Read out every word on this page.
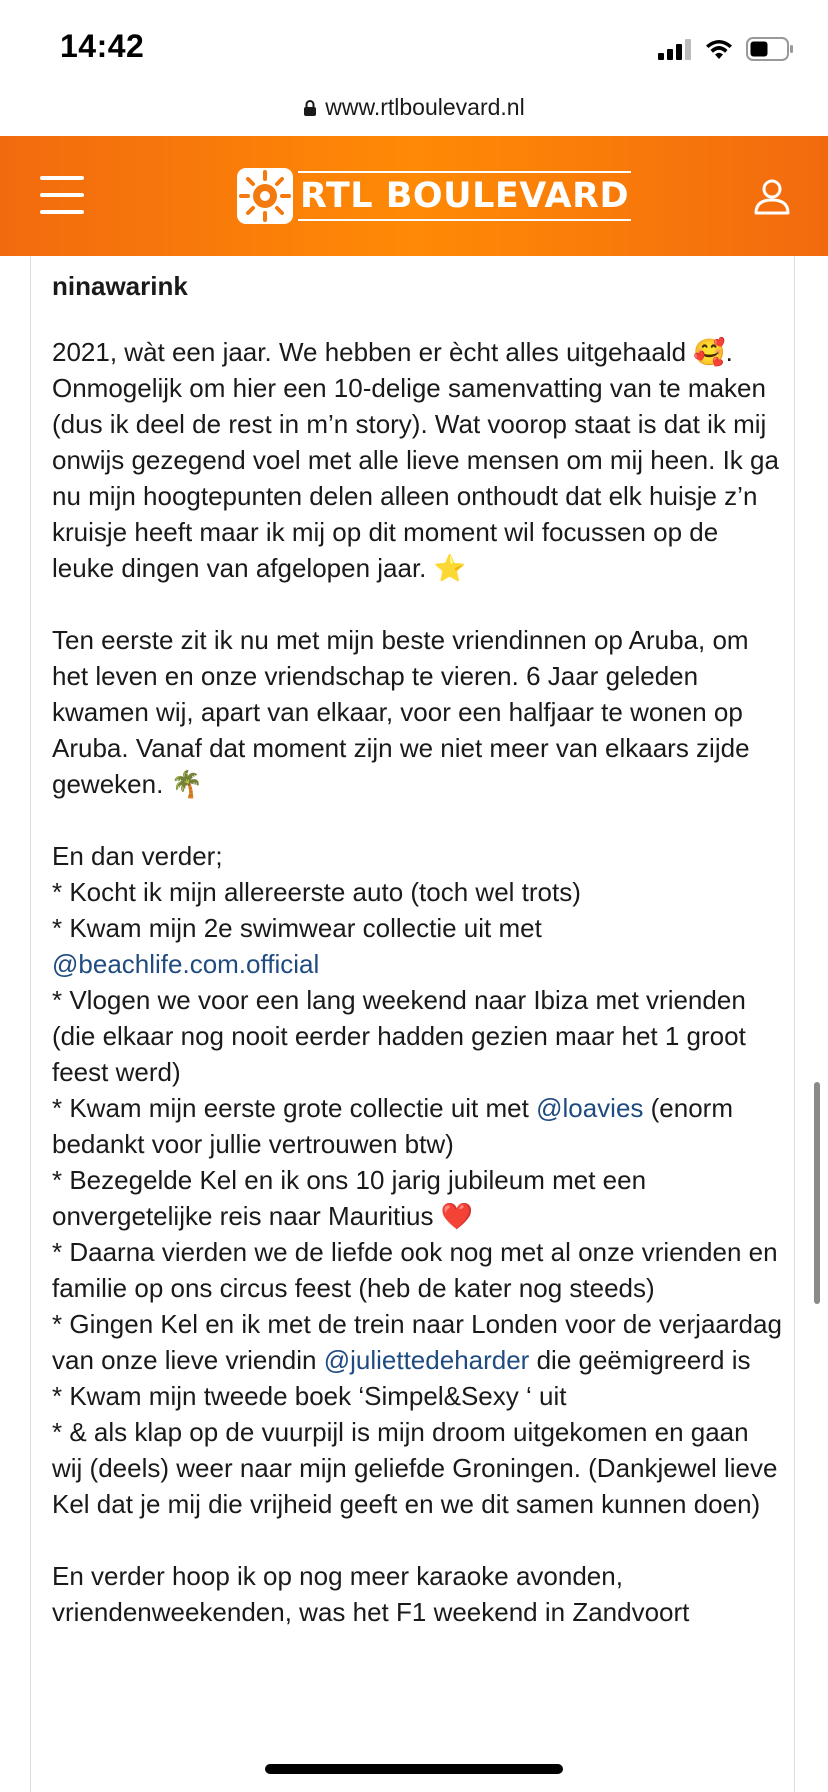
14:42
www.rtlboulevard.nl
RTL BOULEVARD
ninawarink
2021, wàt een jaar. We hebben er ècht alles uitgehaald 🥰. Onmogelijk om hier een 10-delige samenvatting van te maken (dus ik deel de rest in m’n story). Wat voorop staat is dat ik mij onwijs gezegend voel met alle lieve mensen om mij heen. Ik ga nu mijn hoogtepunten delen alleen onthoudt dat elk huisje z’n kruisje heeft maar ik mij op dit moment wil focussen op de leuke dingen van afgelopen jaar. ⭐️

Ten eerste zit ik nu met mijn beste vriendinnen op Aruba, om het leven en onze vriendschap te vieren. 6 Jaar geleden kwamen wij, apart van elkaar, voor een halfjaar te wonen op Aruba. Vanaf dat moment zijn we niet meer van elkaars zijde geweken. 🌴

En dan verder;
* Kocht ik mijn allereerste auto (toch wel trots)
* Kwam mijn 2e swimwear collectie uit met @beachlife.com.official
* Vlogen we voor een lang weekend naar Ibiza met vrienden (die elkaar nog nooit eerder hadden gezien maar het 1 groot feest werd)
* Kwam mijn eerste grote collectie uit met @loavies (enorm bedankt voor jullie vertrouwen btw)
* Bezegelde Kel en ik ons 10 jarig jubileum met een onvergetelijke reis naar Mauritius ❤️
* Daarna vierden we de liefde ook nog met al onze vrienden en familie op ons circus feest (heb de kater nog steeds)
* Gingen Kel en ik met de trein naar Londen voor de verjaardag van onze lieve vriendin @juliettedeharder die geëmigreerd is
* Kwam mijn tweede boek ‘Simpel&Sexy ‘ uit
* & als klap op de vuurpijl is mijn droom uitgekomen en gaan wij (deels) weer naar mijn geliefde Groningen. (Dankjewel lieve Kel dat je mij die vrijheid geeft en we dit samen kunnen doen)

En verder hoop ik op nog meer karaoke avonden, vriendenweekenden, was het F1 weekend in Zandvoort
